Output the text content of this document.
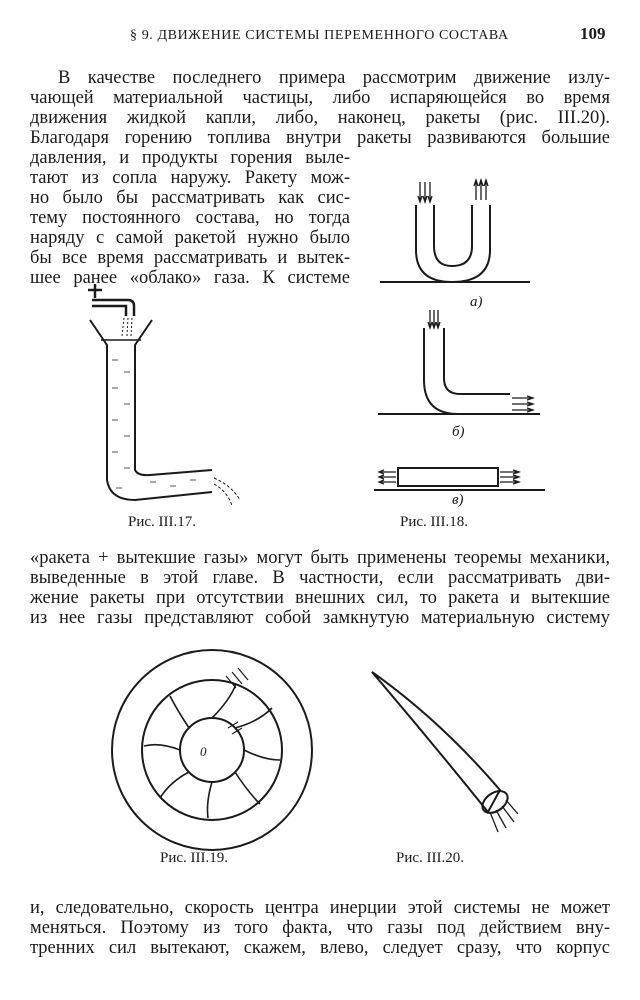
§ 9. ДВИЖЕНИЕ СИСТЕМЫ ПЕРЕМЕННОГО СОСТАВА	109
В качестве последнего примера рассмотрим движение излу-
чающей материальной частицы, либо испаряющейся во время
движения жидкой капли, либо, наконец, ракеты (рис. III.20).
Благодаря горению топлива внутри ракеты развиваются большие
давления, и продукты горения выле-
тают из сопла наружу. Ракету мож-
но было бы рассматривать как сис-
тему постоянного состава, но тогда
наряду с самой ракетой нужно было
бы все время рассматривать и вытек-
шее ранее «облако» газа. К системе
Рис. III.17.	Рис. III.18.
а)
б)
в)
«ракета + вытекшие газы» могут быть применены теоремы механики,
выведенные в этой главе. В частности, если рассматривать дви-
жение ракеты при отсутствии внешних сил, то ракета и вытекшие
из нее газы представляют собой замкнутую материальную систему
0
Рис. III.19.	Рис. III.20.
и, следовательно, скорость центра инерции этой системы не может
меняться. Поэтому из того факта, что газы под действием вну-
тренних сил вытекают, скажем, влево, следует сразу, что корпус
